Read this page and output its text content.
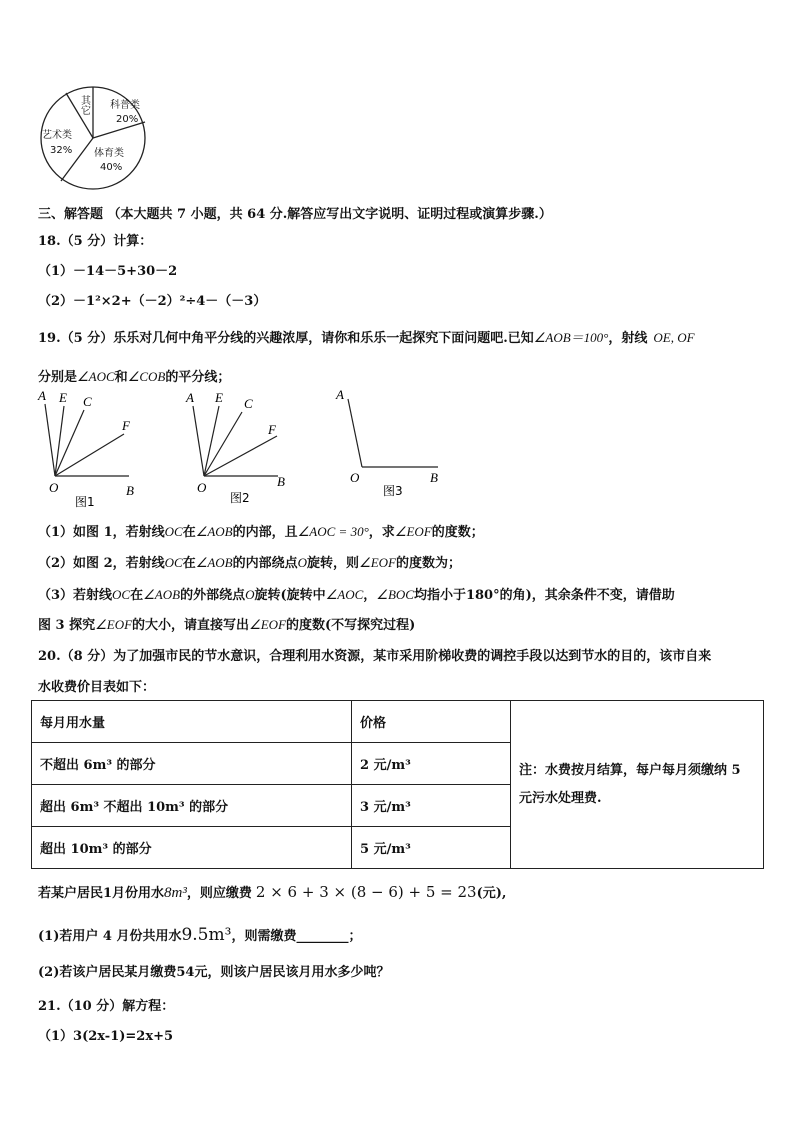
其它 科普类
20%
体育类
40%
艺术类
32%
三、解答题 （本大题共 7 小题，共 64 分.解答应写出文字说明、证明过程或演算步骤.）
18.（5 分）计算：
（1）－14－5+30－2
（2）－1²×2+（－2）²÷4－（－3）
19.（5 分）乐乐对几何中角平分线的兴趣浓厚，请你和乐乐一起探究下面问题吧.已知∠AOB＝100°，射线 OE, OF
分别是∠AOC和∠COB的平分线；
A E C
F
O	B
图1
A E C
F
O	B
图2
A
O	B
图3
（1）如图 1，若射线OC在∠AOB的内部，且∠AOC = 30°，求∠EOF的度数；
（2）如图 2，若射线OC在∠AOB的内部绕点O旋转，则∠EOF的度数为；
（3）若射线OC在∠AOB的外部绕点O旋转(旋转中∠AOC，∠BOC均指小于180°的角)，其余条件不变，请借助
图 3 探究∠EOF的大小，请直接写出∠EOF的度数(不写探究过程)
20.（8 分）为了加强市民的节水意识，合理利用水资源，某市采用阶梯收费的调控手段以达到节水的目的，该市自来
水收费价目表如下：
每月用水量	价格	注：水费按月结算，每户每月须缴纳 5 元污水处理费.
不超出 6m³ 的部分	2 元/m³	
超出 6m³ 不超出 10m³ 的部分	3 元/m³	
超出 10m³ 的部分	5 元/m³	
若某户居民1月份用水8m³，则应缴费 2 × 6 + 3 × (8 − 6) + 5 = 23(元),
(1)若用户 4 月份共用水9.5m³，则需缴费________；
(2)若该户居民某月缴费54元，则该户居民该月用水多少吨？
21.（10 分）解方程：
（1）3(2x-1)=2x+5
